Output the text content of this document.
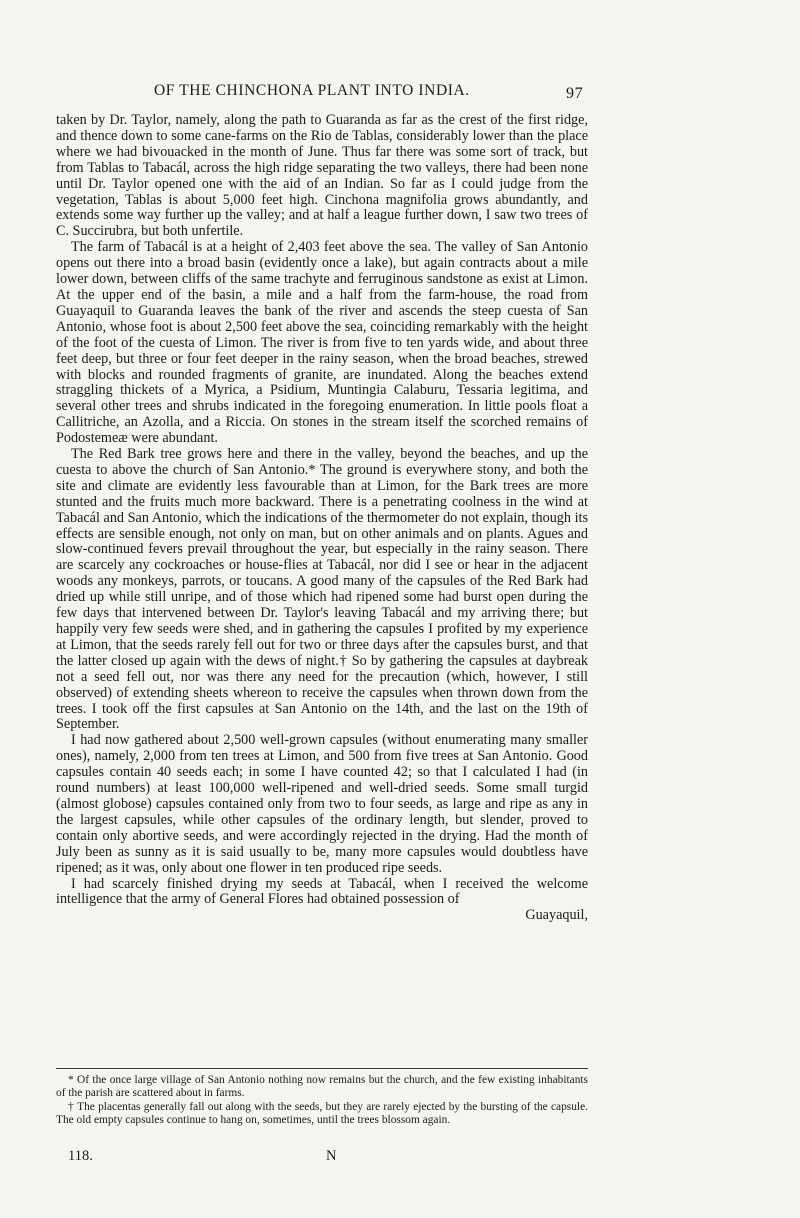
OF THE CHINCHONA PLANT INTO INDIA.	97

taken by Dr. Taylor, namely, along the path to Guaranda as far as the crest of the first ridge, and thence down to some cane-farms on the Rio de Tablas, considerably lower than the place where we had bivouacked in the month of June. Thus far there was some sort of track, but from Tablas to Tabacál, across the high ridge separating the two valleys, there had been none until Dr. Taylor opened one with the aid of an Indian. So far as I could judge from the vegetation, Tablas is about 5,000 feet high. Cinchona magnifolia grows abundantly, and extends some way further up the valley; and at half a league further down, I saw two trees of C. Succirubra, but both unfertile.

The farm of Tabacál is at a height of 2,403 feet above the sea. The valley of San Antonio opens out there into a broad basin (evidently once a lake), but again contracts about a mile lower down, between cliffs of the same trachyte and ferruginous sandstone as exist at Limon. At the upper end of the basin, a mile and a half from the farm-house, the road from Guayaquil to Guaranda leaves the bank of the river and ascends the steep cuesta of San Antonio, whose foot is about 2,500 feet above the sea, coinciding remarkably with the height of the foot of the cuesta of Limon. The river is from five to ten yards wide, and about three feet deep, but three or four feet deeper in the rainy season, when the broad beaches, strewed with blocks and rounded fragments of granite, are inundated. Along the beaches extend straggling thickets of a Myrica, a Psidium, Muntingia Calaburu, Tessaria legitima, and several other trees and shrubs indicated in the foregoing enumeration. In little pools float a Callitriche, an Azolla, and a Riccia. On stones in the stream itself the scorched remains of Podostemeæ were abundant.

The Red Bark tree grows here and there in the valley, beyond the beaches, and up the cuesta to above the church of San Antonio.* The ground is everywhere stony, and both the site and climate are evidently less favourable than at Limon, for the Bark trees are more stunted and the fruits much more backward. There is a penetrating coolness in the wind at Tabacál and San Antonio, which the indications of the thermometer do not explain, though its effects are sensible enough, not only on man, but on other animals and on plants. Agues and slow-continued fevers prevail throughout the year, but especially in the rainy season. There are scarcely any cockroaches or house-flies at Tabacál, nor did I see or hear in the adjacent woods any monkeys, parrots, or toucans. A good many of the capsules of the Red Bark had dried up while still unripe, and of those which had ripened some had burst open during the few days that intervened between Dr. Taylor's leaving Tabacál and my arriving there; but happily very few seeds were shed, and in gathering the capsules I profited by my experience at Limon, that the seeds rarely fell out for two or three days after the capsules burst, and that the latter closed up again with the dews of night.† So by gathering the capsules at daybreak not a seed fell out, nor was there any need for the precaution (which, however, I still observed) of extending sheets whereon to receive the capsules when thrown down from the trees. I took off the first capsules at San Antonio on the 14th, and the last on the 19th of September.

I had now gathered about 2,500 well-grown capsules (without enumerating many smaller ones), namely, 2,000 from ten trees at Limon, and 500 from five trees at San Antonio. Good capsules contain 40 seeds each; in some I have counted 42; so that I calculated I had (in round numbers) at least 100,000 well-ripened and well-dried seeds. Some small turgid (almost globose) capsules contained only from two to four seeds, as large and ripe as any in the largest capsules, while other capsules of the ordinary length, but slender, proved to contain only abortive seeds, and were accordingly rejected in the drying. Had the month of July been as sunny as it is said usually to be, many more capsules would doubtless have ripened; as it was, only about one flower in ten produced ripe seeds.

I had scarcely finished drying my seeds at Tabacál, when I received the welcome intelligence that the army of General Flores had obtained possession of

Guayaquil,

* Of the once large village of San Antonio nothing now remains but the church, and the few existing inhabitants of the parish are scattered about in farms.

† The placentas generally fall out along with the seeds, but they are rarely ejected by the bursting of the capsule. The old empty capsules continue to hang on, sometimes, until the trees blossom again.

118.	N
